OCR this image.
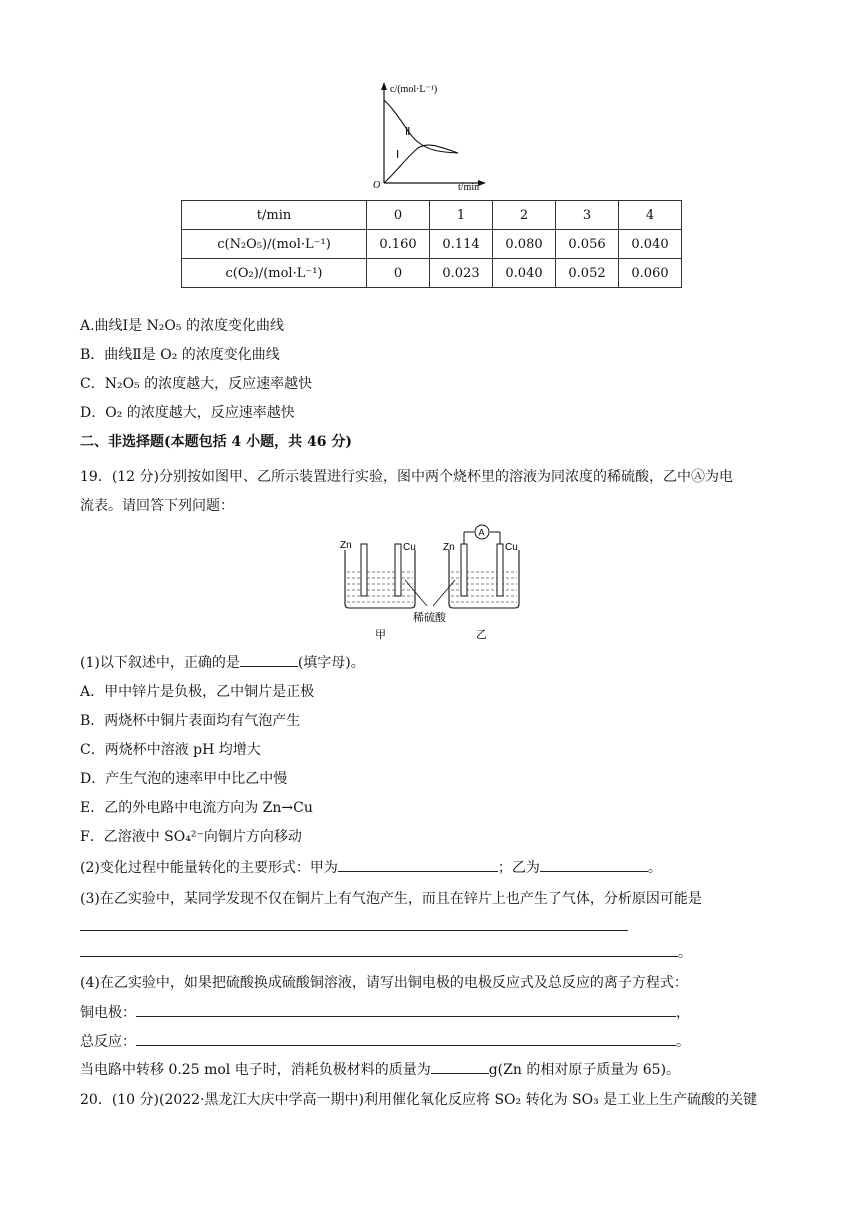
c/(mol·L⁻¹)
t/min
O
Ⅱ
Ⅰ
t/min	0	1	2	3	4
c(N₂O₅)/(mol·L⁻¹)	0.160	0.114	0.080	0.056	0.040
c(O₂)/(mol·L⁻¹)	0	0.023	0.040	0.052	0.060
A.曲线Ⅰ是 N₂O₅ 的浓度变化曲线
B．曲线Ⅱ是 O₂ 的浓度变化曲线
C．N₂O₅ 的浓度越大，反应速率越快
D．O₂ 的浓度越大，反应速率越快
二、非选择题(本题包括 4 小题，共 46 分)
19．(12 分)分别按如图甲、乙所示装置进行实验，图中两个烧杯里的溶液为同浓度的稀硫酸，乙中Ⓐ为电
流表。请回答下列问题：
Zn	Cu
A
Zn	Cu
稀硫酸
甲	乙
(1)以下叙述中，正确的是	(填字母)。
A．甲中锌片是负极，乙中铜片是正极
B．两烧杯中铜片表面均有气泡产生
C．两烧杯中溶液 pH 均增大
D．产生气泡的速率甲中比乙中慢
E．乙的外电路中电流方向为 Zn→Cu
F．乙溶液中 SO₄²⁻向铜片方向移动
(2)变化过程中能量转化的主要形式：甲为	；乙为	。
(3)在乙实验中，某同学发现不仅在铜片上有气泡产生，而且在锌片上也产生了气体，分析原因可能是
。
(4)在乙实验中，如果把硫酸换成硫酸铜溶液，请写出铜电极的电极反应式及总反应的离子方程式：
铜电极：	，
总反应：	。
当电路中转移 0.25 mol 电子时，消耗负极材料的质量为	g(Zn 的相对原子质量为 65)。
20．(10 分)(2022·黑龙江大庆中学高一期中)利用催化氧化反应将 SO₂ 转化为 SO₃ 是工业上生产硫酸的关键
